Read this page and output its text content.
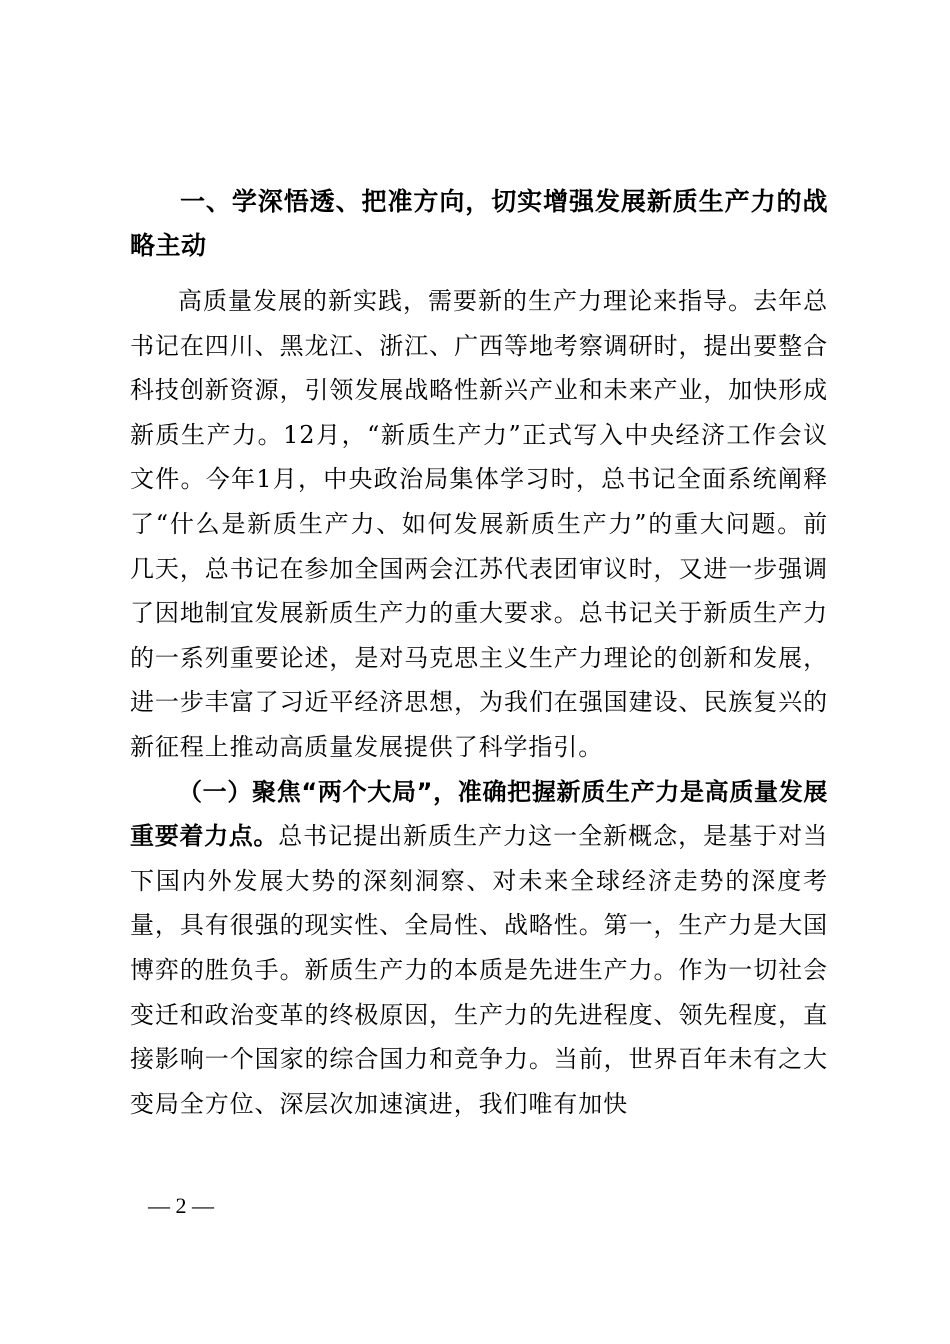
一、学深悟透、把准方向，切实增强发展新质生产力的战略主动

高质量发展的新实践，需要新的生产力理论来指导。去年总书记在四川、黑龙江、浙江、广西等地考察调研时，提出要整合科技创新资源，引领发展战略性新兴产业和未来产业，加快形成新质生产力。12月，“新质生产力”正式写入中央经济工作会议文件。今年1月，中央政治局集体学习时，总书记全面系统阐释了“什么是新质生产力、如何发展新质生产力”的重大问题。前几天，总书记在参加全国两会江苏代表团审议时，又进一步强调了因地制宜发展新质生产力的重大要求。总书记关于新质生产力的一系列重要论述，是对马克思主义生产力理论的创新和发展，进一步丰富了习近平经济思想，为我们在强国建设、民族复兴的新征程上推动高质量发展提供了科学指引。

（一）聚焦“两个大局”，准确把握新质生产力是高质量发展重要着力点。总书记提出新质生产力这一全新概念，是基于对当下国内外发展大势的深刻洞察、对未来全球经济走势的深度考量，具有很强的现实性、全局性、战略性。第一，生产力是大国博弈的胜负手。新质生产力的本质是先进生产力。作为一切社会变迁和政治变革的终极原因，生产力的先进程度、领先程度，直接影响一个国家的综合国力和竞争力。当前，世界百年未有之大变局全方位、深层次加速演进，我们唯有加快

— 2 —
